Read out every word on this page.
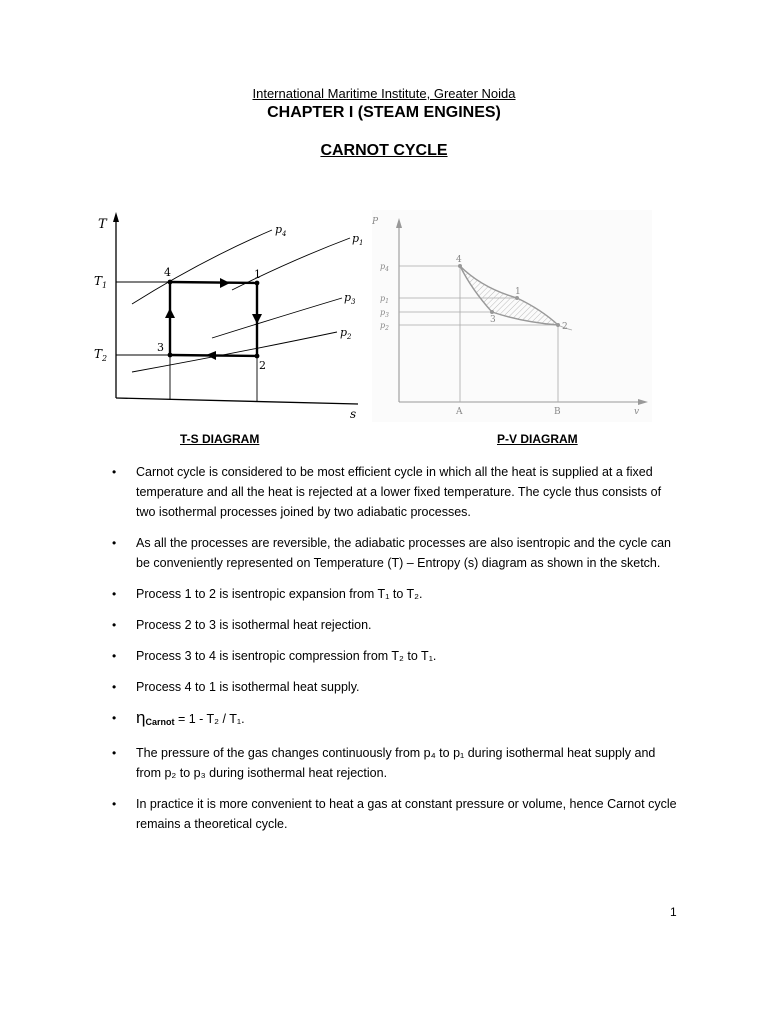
International Maritime Institute, Greater Noida
CHAPTER I (STEAM ENGINES)
CARNOT CYCLE
T
s
$T_1$
$T_2$
$p_4$	$p_1$
$p_3$
$p_2$
4	1
2
3
P
v
$p_4$
$p_1$
$p_3$
$p_2$
A	B
4
1
3
2
T-S DIAGRAM	P-V DIAGRAM
• Carnot cycle is considered to be most efficient cycle in which all the heat is supplied at a fixed temperature and all the heat is rejected at a lower fixed temperature. The cycle thus consists of two isothermal processes joined by two adiabatic processes.
• As all the processes are reversible, the adiabatic processes are also isentropic and the cycle can be conveniently represented on Temperature (T) – Entropy (s) diagram as shown in the sketch.
• Process 1 to 2 is isentropic expansion from T₁ to T₂.
• Process 2 to 3 is isothermal heat rejection.
• Process 3 to 4 is isentropic compression from T₂ to T₁.
• Process 4 to 1 is isothermal heat supply.
• $\eta_{Carnot} = 1 - T_2 / T_1$.
• The pressure of the gas changes continuously from p₄ to p₁ during isothermal heat supply and from p₂ to p₃ during isothermal heat rejection.
• In practice it is more convenient to heat a gas at constant pressure or volume, hence Carnot cycle remains a theoretical cycle.
1
